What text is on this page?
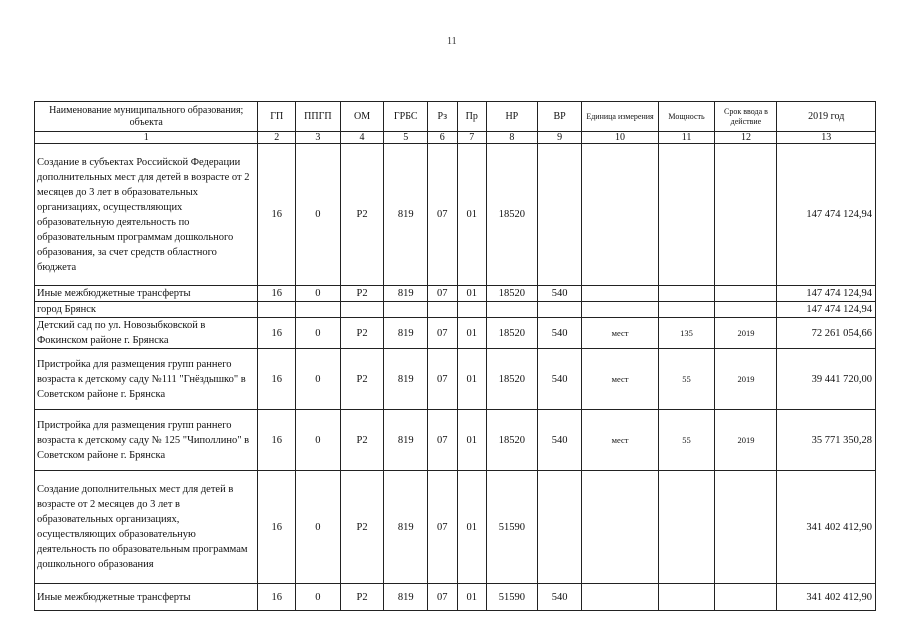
11
Наименование муниципального образования; объекта	ГП	ППГП	ОМ	ГРБС	Рз	Пр	НР	ВР	Единица измерения	Мощность	Срок ввода в действие	2019 год
1	2	3	4	5	6	7	8	9	10	11	12	13
Создание в субъектах Российской Федерации дополнительных мест для детей в возрасте от 2 месяцев до 3 лет в образовательных организациях, осуществляющих образовательную деятельность по образовательным программам дошкольного образования, за счет средств областного бюджета	16	0	Р2	819	07	01	18520					147 474 124,94
Иные межбюджетные трансферты	16	0	Р2	819	07	01	18520	540				147 474 124,94
город Брянск												147 474 124,94
Детский сад по ул. Новозыбковской в Фокинском районе г. Брянска	16	0	Р2	819	07	01	18520	540	мест	135	2019	72 261 054,66
Пристройка для размещения групп раннего возраста к детскому саду №111 "Гнёздышко" в Советском районе г. Брянска	16	0	Р2	819	07	01	18520	540	мест	55	2019	39 441 720,00
Пристройка для размещения групп раннего возраста к детскому саду № 125 "Чиполлино" в Советском районе г. Брянска	16	0	Р2	819	07	01	18520	540	мест	55	2019	35 771 350,28
Создание дополнительных мест для детей в возрасте от 2 месяцев до 3 лет в образовательных организациях, осуществляющих образовательную деятельность по образовательным программам дошкольного образования	16	0	Р2	819	07	01	51590					341 402 412,90
Иные межбюджетные трансферты	16	0	Р2	819	07	01	51590	540				341 402 412,90
